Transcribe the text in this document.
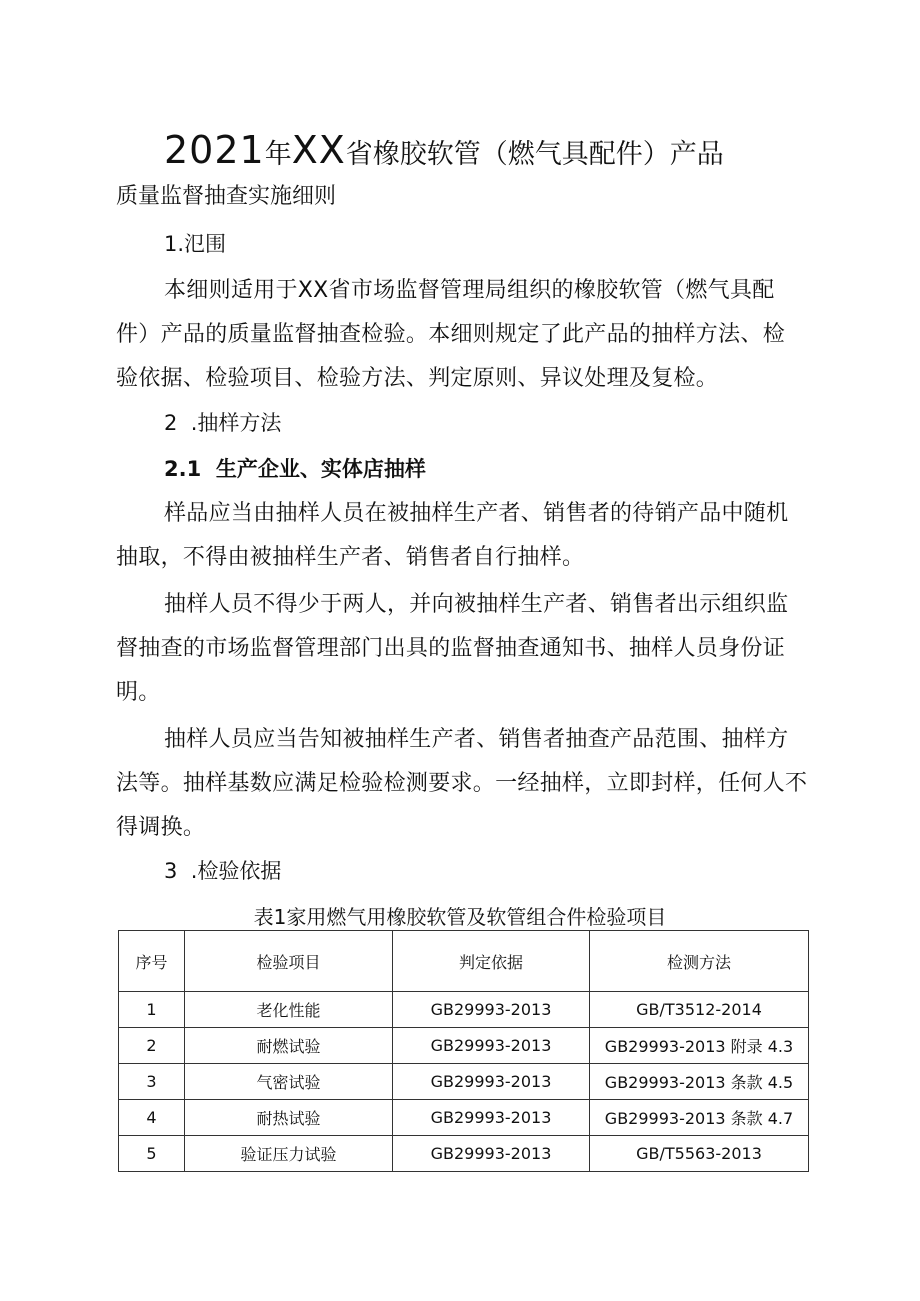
2021年XX省橡胶软管（燃气具配件）产品
质量监督抽查实施细则
1.氾围
本细则适用于XX省市场监督管理局组织的橡胶软管（燃气具配
件）产品的质量监督抽查检验。本细则规定了此产品的抽样方法、检
验依据、检验项目、检验方法、判定原则、异议处理及复检。
2  .抽样方法
2.1  生产企业、实体店抽样
样品应当由抽样人员在被抽样生产者、销售者的待销产品中随机
抽取，不得由被抽样生产者、销售者自行抽样。
抽样人员不得少于两人，并向被抽样生产者、销售者出示组织监
督抽查的市场监督管理部门出具的监督抽查通知书、抽样人员身份证
明。
抽样人员应当告知被抽样生产者、销售者抽查产品范围、抽样方
法等。抽样基数应满足检验检测要求。一经抽样，立即封样，任何人不
得调换。
3  .检验依据
表1家用燃气用橡胶软管及软管组合件检验项目
序号	检验项目	判定依据	检测方法
1	老化性能	GB29993-2013	GB/T3512-2014
2	耐燃试验	GB29993-2013	GB29993-2013 附录 4.3
3	气密试验	GB29993-2013	GB29993-2013 条款 4.5
4	耐热试验	GB29993-2013	GB29993-2013 条款 4.7
5	验证压力试验	GB29993-2013	GB/T5563-2013
